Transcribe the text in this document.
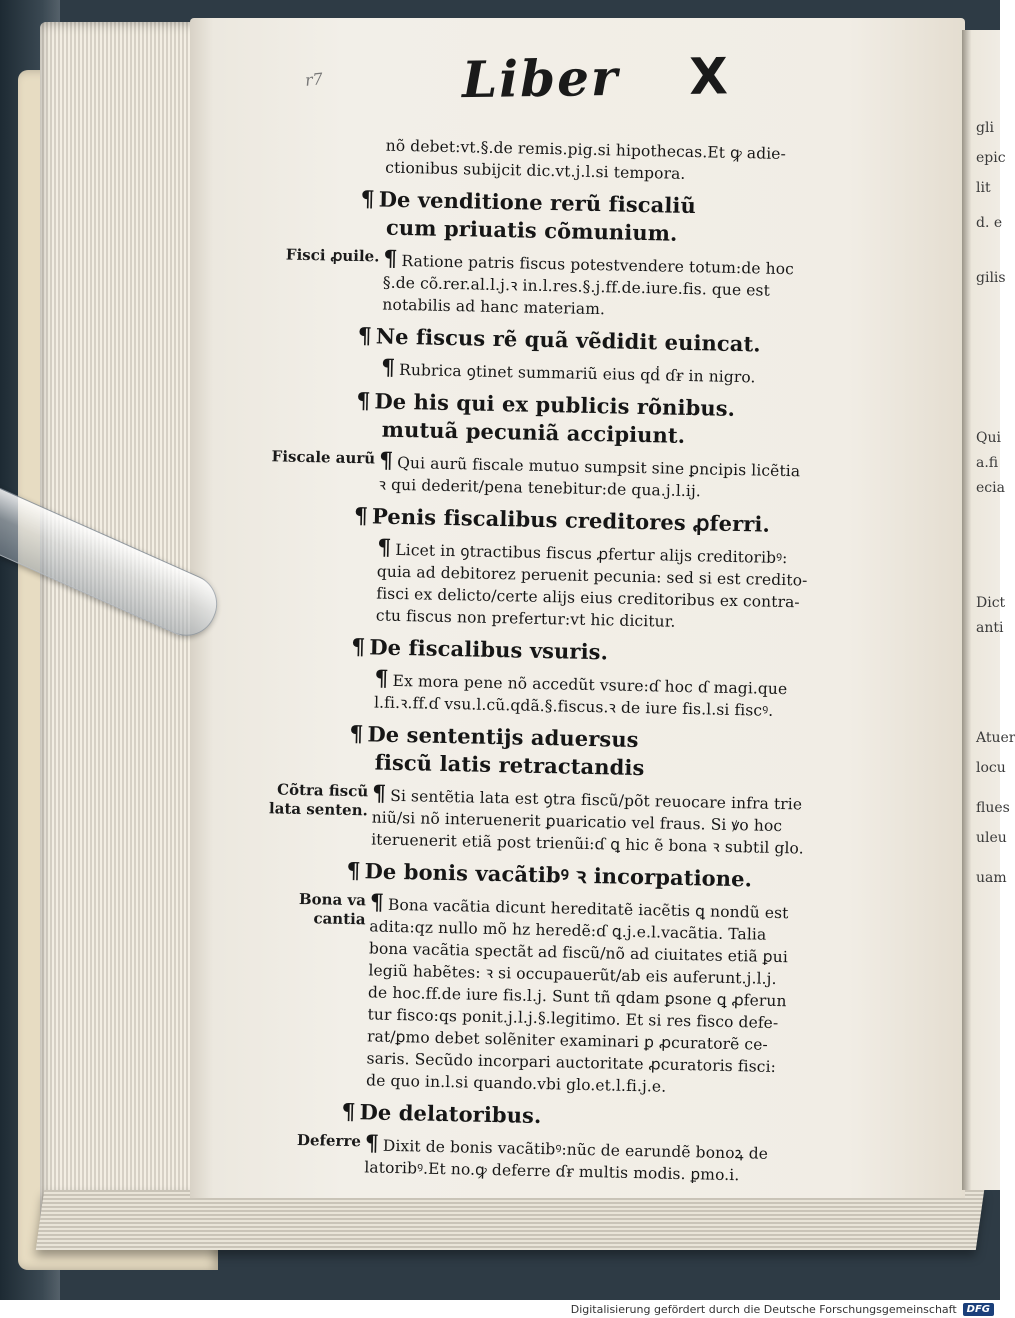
gli
epic
lit
d. e
gilis
Qui
a.fi
ecia
Dict
anti
Atuer
locu
flues
uleu
uam
r7	Liber X
nõ debet:vt.§.de remis.pig.si hipothecas.Et ꝙ adie-
ctionibus subijcit dic.vt.j.l.si tempora.
¶ De venditione rerũ fiscaliũ
cum priuatis cõmunium.
Fisci ꝓuile. ¶ Ratione patris fiscus potestvendere totum:de hoc
§.de cõ.rer.al.l.j.ꝛ in.l.res.§.j.ff.de.iure.fis. que est
notabilis ad hanc materiam.
¶ Ne fiscus rẽ quã vẽdidit euincat.
¶ Rubrica ꝯtinet summariũ eius qḋ ɗɍ in nigro.
¶ De his qui ex publicis rõnibus.
mutuã pecuniã accipiunt.
Fiscale aurũ ¶ Qui aurũ fiscale mutuo sumpsit sine ꝑncipis licẽtia
ꝛ qui dederit/pena tenebitur:de qua.j.l.ij.
¶ Penis fiscalibus creditores ꝓferri.
¶ Licet in ꝯtractibus fiscus ꝓfertur alijs creditoribꝰ:
quia ad debitorez peruenit pecunia: sed si est credito-
fisci ex delicto/certe alijs eius creditoribus ex contra-
ctu fiscus non prefertur:vt hic dicitur.
¶ De fiscalibus vsuris.
¶ Ex mora pene nõ accedũt vsure:ɗ hoc ɗ magi.que
l.fi.ꝛ.ff.ɗ vsu.l.cũ.qdã.§.fiscus.ꝛ de iure fis.l.si fiscꝰ.
¶ De sententijs aduersus
fiscũ latis retractandis
Cõtra fiscũ lata senten.
¶ Si sentẽtia lata est ꝯtra fiscũ/põt reuocare infra trie
niũ/si nõ interuenerit ꝑuaricatio vel fraus. Si ꝟo hoc
iteruenerit etiã post trienũi:ɗ ꝗ hic ẽ bona ꝛ subtil glo.
¶ De bonis vacãtibꝰ ꝛ incorpatione.
Bona va cantia
¶ Bona vacãtia dicunt hereditatẽ iacẽtis ꝗ nondũ est
adita:qz nullo mõ hz heredẽ:ɗ ꝗ.j.e.l.vacãtia. Talia
bona vacãtia spectãt ad fiscũ/nõ ad ciuitates etiã ꝑui
legiũ habẽtes: ꝛ si occupauerũt/ab eis auferunt.j.l.j.
de hoc.ff.de iure fis.l.j. Sunt tñ qdam ꝑsone ꝗ ꝓferun
tur fisco:qs ponit.j.l.j.§.legitimo. Et si res fisco defe-
rat/ꝑmo debet solẽniter examinari ꝑ ꝓcuratorẽ ce-
saris. Secũdo incorpari auctoritate ꝓcuratoris fisci:
de quo in.l.si quando.vbi glo.et.l.fi.j.e.
¶ De delatoribus.
Deferre ¶ Dixit de bonis vacãtibꝰ:nũc de earundẽ bonoꝝ de
latoribꝰ.Et no.ꝙ deferre ɗɍ multis modis. ꝑmo.i.
Digitalisierung gefördert durch die Deutsche Forschungsgemeinschaft	DFG
